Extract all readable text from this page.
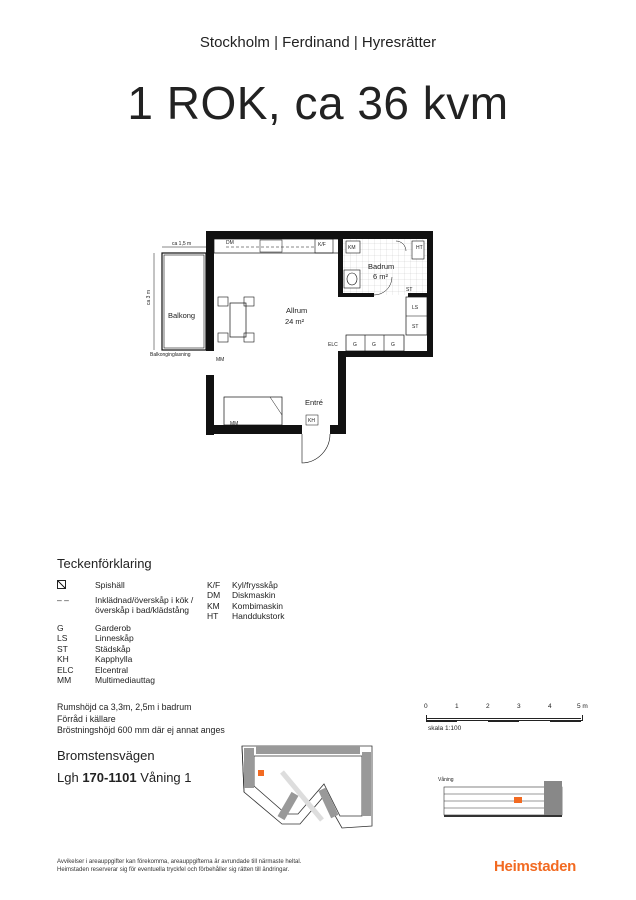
Stockholm | Ferdinand | Hyresrätter
1 ROK, ca 36 kvm
ca 1,5 m
ca 3 m
DM	K/F	KM	HT
ST
LS
ST
ELC	G	G	G
MM
MM	KH
Balkonginglasning
Balkong
Allrum
24 m²
Badrum
6 m²
Entré
Teckenförklaring
Spishäll
– –	Inklädnad/överskåp i kök /överskåp i bad/klädstång
G	Garderob
LS	Linneskåp
ST	Städskåp
KH	Kapphylla
ELC	Elcentral
MM	Multimediauttag
K/F	Kyl/frysskåp
DM	Diskmaskin
KM	Kombimaskin
HT	Handdukstork
Rumshöjd ca 3,3m, 2,5m i badrum
Förråd i källare
Bröstningshöjd 600 mm där ej annat anges
0	1	2	3	4	5 m
skala 1:100
Bromstensvägen
Lgh 170-1101 Våning 1	Våning
Avvikelser i areauppgifter kan förekomma, areauppgifterna är avrundade till närmaste heltal.
Heimstaden reserverar sig för eventuella tryckfel och förbehåller sig rätten till ändringar.	Heimstaden
